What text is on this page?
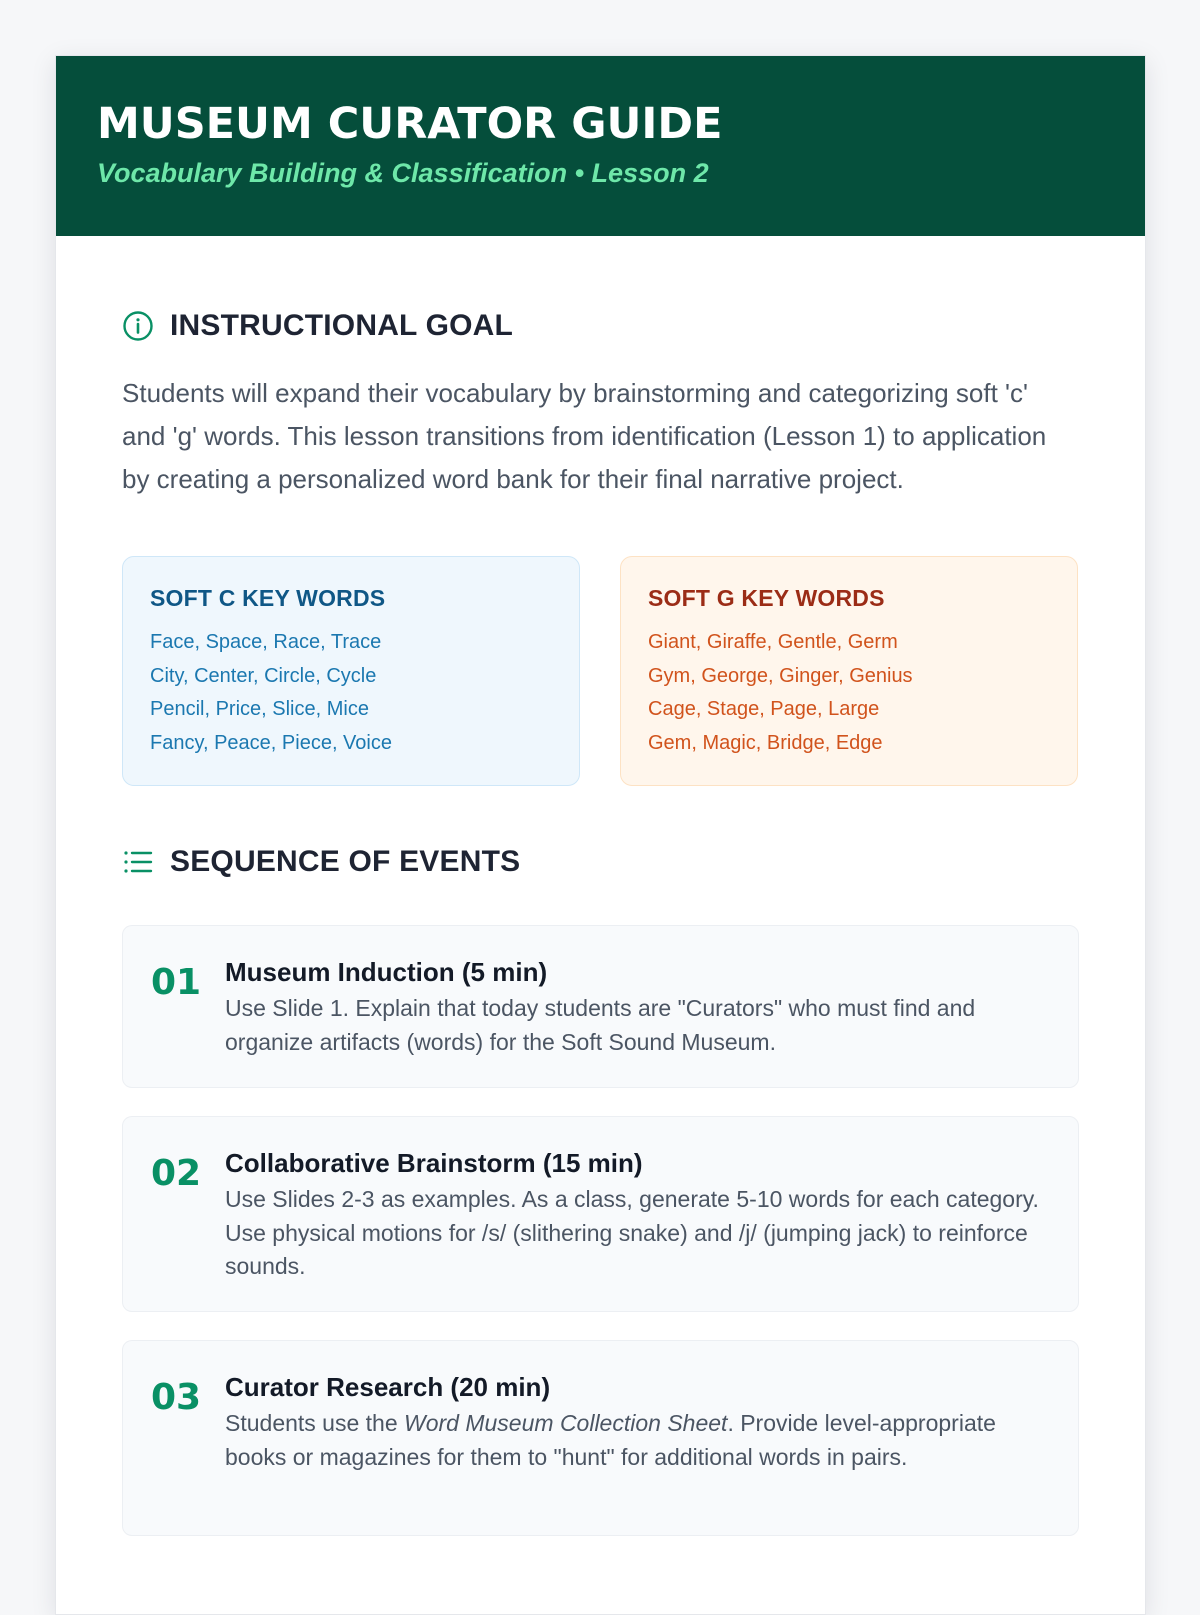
MUSEUM CURATOR GUIDE
Vocabulary Building & Classification • Lesson 2
INSTRUCTIONAL GOAL

Students will expand their vocabulary by brainstorming and categorizing soft 'c' and 'g' words. This lesson transitions from identification (Lesson 1) to application by creating a personalized word bank for their final narrative project.

SOFT C KEY WORDS
Face, Space, Race, Trace
City, Center, Circle, Cycle
Pencil, Price, Slice, Mice
Fancy, Peace, Piece, Voice
SOFT G KEY WORDS
Giant, Giraffe, Gentle, Germ
Gym, George, Ginger, Genius
Cage, Stage, Page, Large
Gem, Magic, Bridge, Edge
SEQUENCE OF EVENTS
01 Museum Induction (5 min)
Use Slide 1. Explain that today students are "Curators" who must find and organize artifacts (words) for the Soft Sound Museum.
02 Collaborative Brainstorm (15 min)
Use Slides 2-3 as examples. As a class, generate 5-10 words for each category. Use physical motions for /s/ (slithering snake) and /j/ (jumping jack) to reinforce sounds.
03 Curator Research (20 min)
Students use the Word Museum Collection Sheet. Provide level-appropriate books or magazines for them to "hunt" for additional words in pairs.
